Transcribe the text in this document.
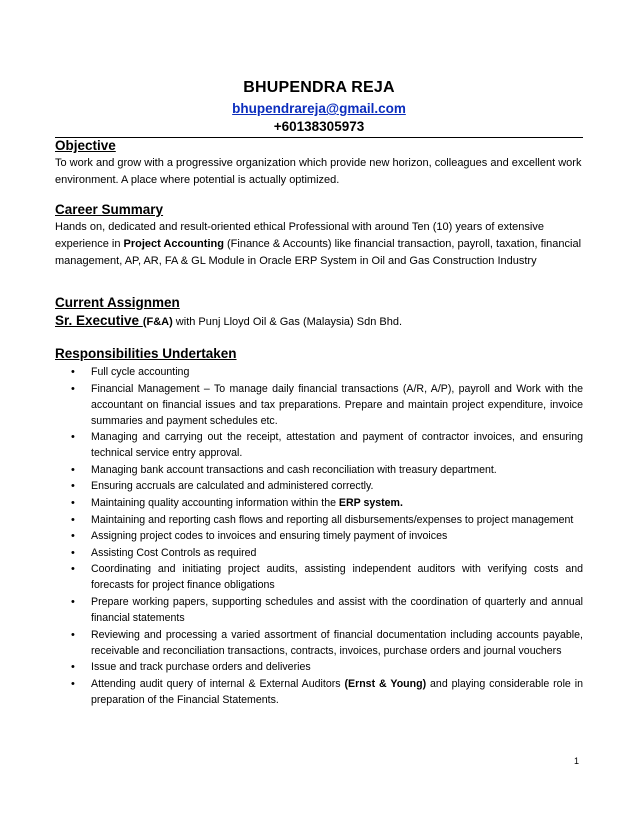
BHUPENDRA REJA
bhupendrareja@gmail.com
+60138305973
Objective
To work and grow with a progressive organization which provide new horizon, colleagues and excellent work environment. A place where potential is actually optimized.
Career Summary
Hands on, dedicated and result-oriented ethical Professional with around Ten (10) years of extensive experience in Project Accounting (Finance & Accounts) like financial transaction, payroll, taxation, financial management, AP, AR, FA & GL Module in Oracle ERP System in Oil and Gas Construction Industry
Current Assignmen
Sr. Executive (F&A) with Punj Lloyd Oil & Gas (Malaysia) Sdn Bhd.
Responsibilities Undertaken
• Full cycle accounting
• Financial Management – To manage daily financial transactions (A/R, A/P), payroll and Work with the accountant on financial issues and tax preparations. Prepare and maintain project expenditure, invoice summaries and payment schedules etc.
• Managing and carrying out the receipt, attestation and payment of contractor invoices, and ensuring technical service entry approval.
• Managing bank account transactions and cash reconciliation with treasury department.
• Ensuring accruals are calculated and administered correctly.
• Maintaining quality accounting information within the ERP system.
• Maintaining and reporting cash flows and reporting all disbursements/expenses to project management
• Assigning project codes to invoices and ensuring timely payment of invoices
• Assisting Cost Controls as required
• Coordinating and initiating project audits, assisting independent auditors with verifying costs and forecasts for project finance obligations
• Prepare working papers, supporting schedules and assist with the coordination of quarterly and annual financial statements
• Reviewing and processing a varied assortment of financial documentation including accounts payable, receivable and reconciliation transactions, contracts, invoices, purchase orders and journal vouchers
• Issue and track purchase orders and deliveries
• Attending audit query of internal & External Auditors (Ernst & Young) and playing considerable role in preparation of the Financial Statements.
1
